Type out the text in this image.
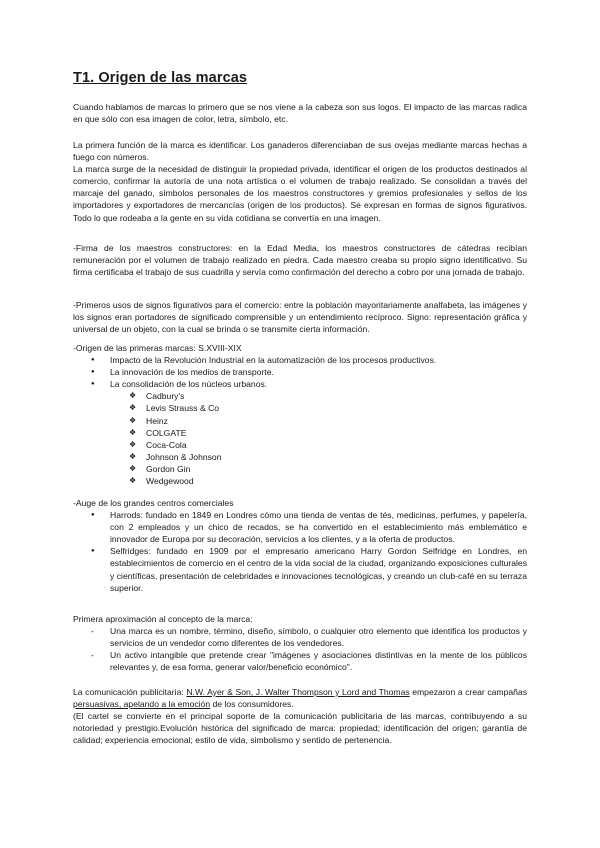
T1. Origen de las marcas

Cuando hablamos de marcas lo primero que se nos viene a la cabeza son sus logos. El impacto de las marcas radica en que sólo con esa imagen de color, letra, símbolo, etc.

La primera función de la marca es identificar. Los ganaderos diferenciaban de sus ovejas mediante marcas hechas a fuego con números.

La marca surge de la necesidad de distinguir la propiedad privada, identificar el origen de los productos destinados al comercio, confirmar la autoría de una nota artística o el volumen de trabajo realizado. Se consolidan a través del marcaje del ganado, símbolos personales de los maestros constructores y gremios profesionales y sellos de los importadores y exportadores de mercancías (origen de los productos). Se expresan en formas de signos figurativos. Todo lo que rodeaba a la gente en su vida cotidiana se convertía en una imagen.

-Firma de los maestros constructores: en la Edad Media, los maestros constructores de cátedras recibían remuneración por el volumen de trabajo realizado en piedra. Cada maestro creaba su propio signo identificativo. Su firma certificaba el trabajo de sus cuadrilla y servía como confirmación del derecho a cobro por una jornada de trabajo.

-Primeros usos de signos figurativos para el comercio: entre la población mayoritariamente analfabeta, las imágenes y los signos eran portadores de significado comprensible y un entendimiento recíproco. Signo: representación gráfica y universal de un objeto, con la cual se brinda o se transmite cierta información.

-Origen de las primeras marcas: S.XVIII-XIX

● Impacto de la Revolución Industrial en la automatización de los procesos productivos.
● La innovación de los medios de transporte.
● La consolidación de los núcleos urbanos.
❖ Cadbury's
❖ Levis Strauss & Co
❖ Heinz
❖ COLGATE
❖ Coca-Cola
❖ Johnson & Johnson
❖ Gordon Gin
❖ Wedgewood

-Auge de los grandes centros comerciales

● Harrods: fundado en 1849 en Londres cómo una tienda de ventas de tés, medicinas, perfumes, y papelería, con 2 empleados y un chico de recados, se ha convertido en el establecimiento más emblemático e innovador de Europa por su decoración, servicios a los clientes, y a la oferta de productos.
● Selfridges: fundado en 1909 por el empresario americano Harry Gordon Selfridge en Londres, en establecimientos de comercio en el centro de la vida social de la ciudad, organizando exposiciones culturales y científicas, presentación de celebridades e innovaciones tecnológicas, y creando un club-café en su terraza superior.

Primera aproximación al concepto de la marca:

- Una marca es un nombre, término, diseño, símbolo, o cualquier otro elemento que identifica los productos y servicios de un vendedor como diferentes de los vendedores.
- Un activo intangible que pretende crear "imágenes y asociaciones distintivas en la mente de los públicos relevantes y, de esa forma, generar valor/beneficio económico".

La comunicación publicitaria: N.W. Ayer & Son, J. Walter Thompson y Lord and Thomas empezaron a crear campañas persuasivas, apelando a la emoción de los consumidores.

(El cartel se convierte en el principal soporte de la comunicación publicitaria de las marcas, contribuyendo a su notoriedad y prestigio.Evolución histórica del significado de marca: propiedad; identificación del origen; garantía de calidad; experiencia emocional; estilo de vida, simbolismo y sentido de pertenencia.
